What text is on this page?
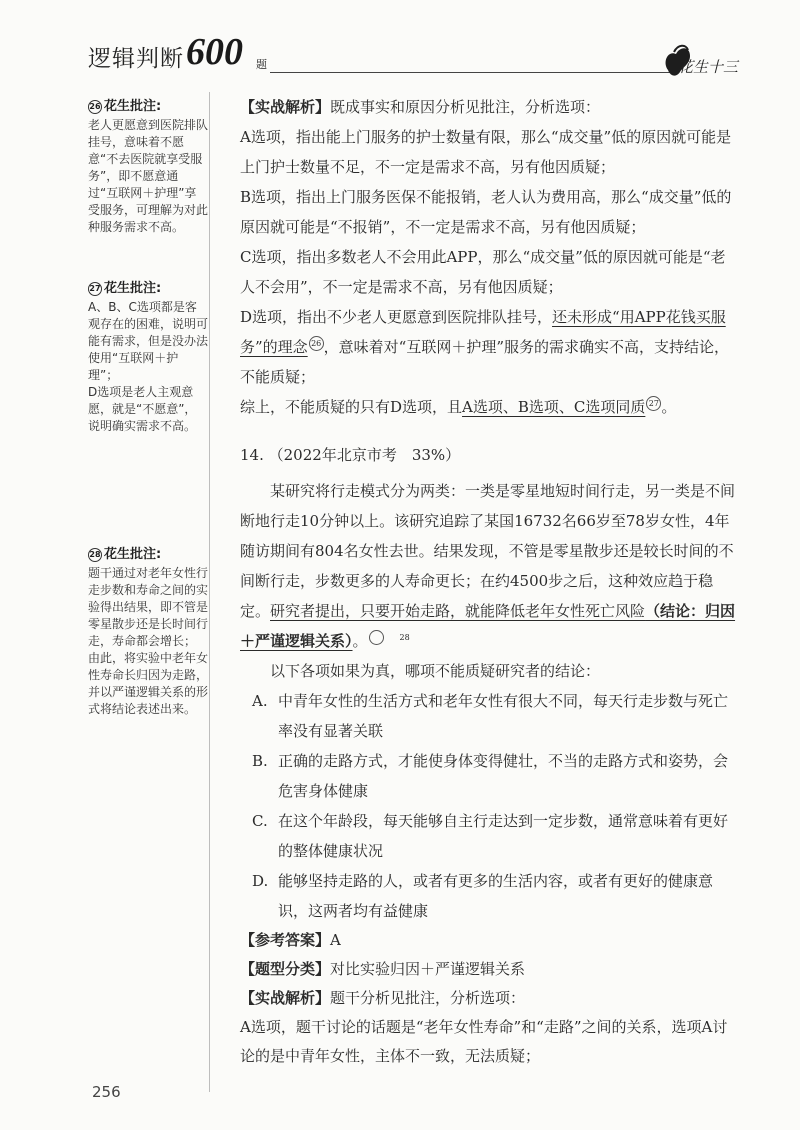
逻辑判断 600 题	花生十三
26 花生批注:

老人更愿意到医院排队挂号，意味着不愿意“不去医院就享受服务”，即不愿意通过“互联网＋护理”享受服务，可理解为对此种服务需求不高。

27 花生批注:

A、B、C选项都是客观存在的困难，说明可能有需求，但是没办法使用“互联网＋护理”；

D选项是老人主观意愿，就是“不愿意”，说明确实需求不高。

28 花生批注:

题干通过对老年女性行走步数和寿命之间的实验得出结果，即不管是零星散步还是长时间行走，寿命都会增长；

由此，将实验中老年女性寿命长归因为走路，并以严谨逻辑关系的形式将结论表述出来。

【实战解析】既成事实和原因分析见批注，分析选项：

A选项，指出能上门服务的护士数量有限，那么“成交量”低的原因就可能是上门护士数量不足，不一定是需求不高，另有他因质疑；

B选项，指出上门服务医保不能报销，老人认为费用高，那么“成交量”低的原因就可能是“不报销”，不一定是需求不高，另有他因质疑；

C选项，指出多数老人不会用此APP，那么“成交量”低的原因就可能是“老人不会用”，不一定是需求不高，另有他因质疑；

D选项，指出不少老人更愿意到医院排队挂号，还未形成“用APP花钱买服务”的理念 26 ，意味着对“互联网＋护理”服务的需求确实不高，支持结论，不能质疑；

综上，不能质疑的只有D选项，且A选项、B选项、C选项同质 27 。

14. （2022年北京市考　33%）

某研究将行走模式分为两类：一类是零星地短时间行走，另一类是不间断地行走10分钟以上。该研究追踪了某国16732名66岁至78岁女性，4年随访期间有804名女性去世。结果发现，不管是零星散步还是较长时间的不间断行走，步数更多的人寿命更长；在约4500步之后，这种效应趋于稳定。研究者提出，只要开始走路，就能降低老年女性死亡风险（结论：归因＋严谨逻辑关系）。	28

以下各项如果为真，哪项不能质疑研究者的结论：

A. 中青年女性的生活方式和老年女性有很大不同，每天行走步数与死亡率没有显著关联
B. 正确的走路方式，才能使身体变得健壮，不当的走路方式和姿势，会危害身体健康
C. 在这个年龄段，每天能够自主行走达到一定步数，通常意味着有更好的整体健康状况
D. 能够坚持走路的人，或者有更多的生活内容，或者有更好的健康意识，这两者均有益健康

【参考答案】A

【题型分类】对比实验归因＋严谨逻辑关系

【实战解析】题干分析见批注，分析选项：

A选项，题干讨论的话题是“老年女性寿命”和“走路”之间的关系，选项A讨论的是中青年女性，主体不一致，无法质疑；

256
